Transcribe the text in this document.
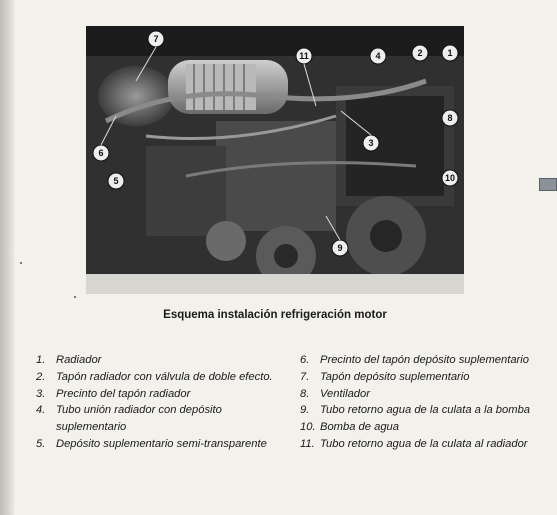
7
11	4	2	1
6
5
3
8
10
9
Esquema instalación refrigeración motor
1. Radiador
2. Tapón radiador con válvula de doble efecto.
3. Precinto del tapón radiador
4. Tubo unión radiador con depósito suplementario
5. Depósito suplementario semi-transparente
6. Precinto del tapón depósito suplementario
7. Tapón depósito suplementario
8. Ventilador
9. Tubo retorno agua de la culata a la bomba
10. Bomba de agua
11. Tubo retorno agua de la culata al radiador
